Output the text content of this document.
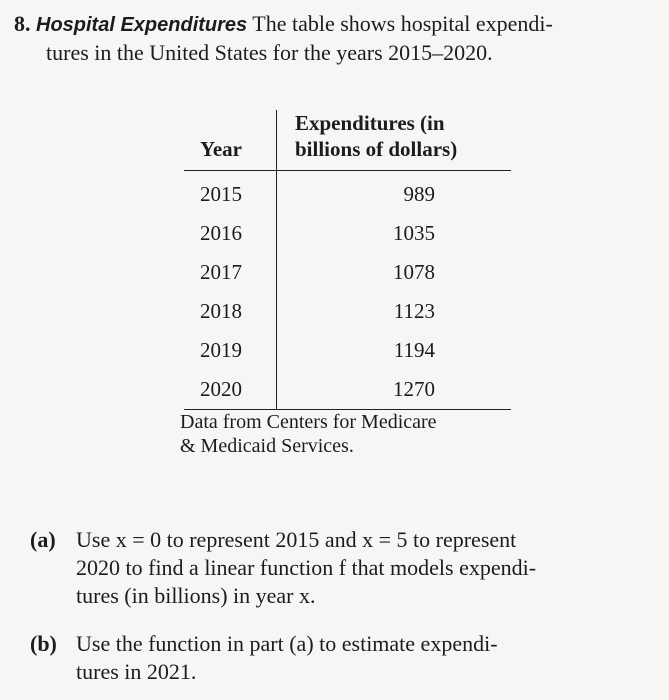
8. Hospital Expenditures The table shows hospital expendi-
tures in the United States for the years 2015–2020.
Year	Expenditures (in
billions of dollars)
2015	989
2016	1035
2017	1078
2018	1123
2019	1194
2020	1270
Data from Centers for Medicare
& Medicaid Services.
(a) Use x = 0 to represent 2015 and x = 5 to represent
2020 to find a linear function f that models expendi-
tures (in billions) in year x.
(b) Use the function in part (a) to estimate expendi-
tures in 2021.
